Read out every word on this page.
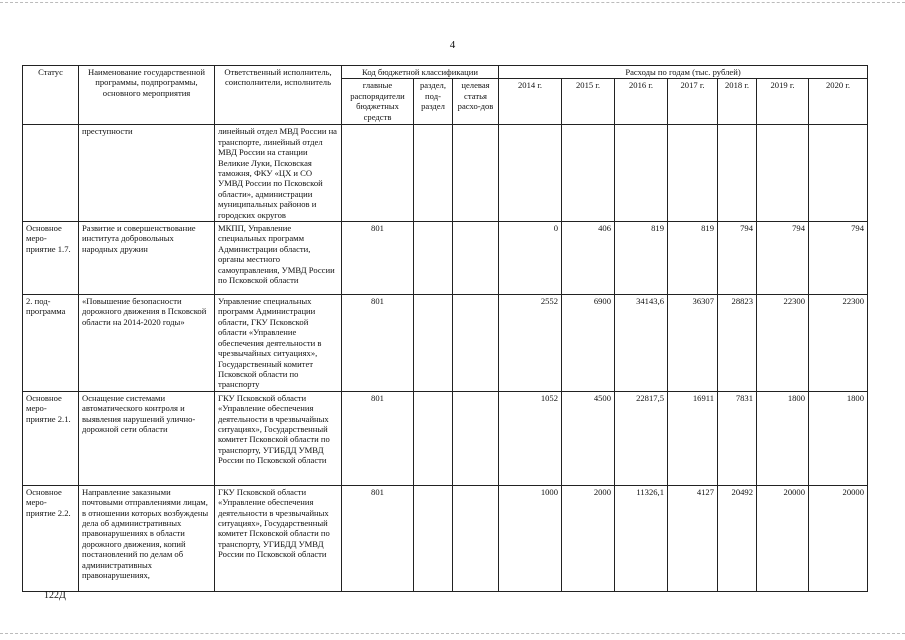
4
Статус	Наименование государственной программы, подпрограммы, основного мероприятия	Ответственный исполнитель, соисполнители, исполнитель	Код бюджетной классификации			Расходы по годам (тыс. рублей)						
			главные распорядители бюджетных средств	раздел, под-раздел	целевая статья расхо-дов	2014 г.	2015 г.	2016 г.	2017 г.	2018 г.	2019 г.	2020 г.
	преступности	линейный отдел МВД России на транспорте, линейный отдел МВД России на станции Великие Луки, Псковская таможня, ФКУ «ЦХ и СО УМВД России по Псковской области», администрации муниципальных районов и городских округов										
Основное меро-приятие 1.7.	Развитие и совершенствование института добровольных народных дружин	МКПП, Управление специальных программ Администрации области, органы местного самоуправления, УМВД России по Псковской области	801			0	406	819	819	794	794	794
2. под-программа	«Повышение безопасности дорожного движения в Псковской области на 2014-2020 годы»	Управление специальных программ Администрации области, ГКУ Псковской области «Управление обеспечения деятельности в чрезвычайных ситуациях», Государственный комитет Псковской области по транспорту	801			2552	6900	34143,6	36307	28823	22300	22300
Основное меро-приятие 2.1.	Оснащение системами автоматического контроля и выявления нарушений улично-дорожной сети области	ГКУ Псковской области «Управление обеспечения деятельности в чрезвычайных ситуациях», Государственный комитет Псковской области по транспорту, УГИБДД УМВД России по Псковской области	801			1052	4500	22817,5	16911	7831	1800	1800
Основное меро-приятие 2.2.	Направление заказными почтовыми отправлениями лицам, в отношении которых возбуждены дела об административных правонарушениях в области дорожного движения, копий постановлений по делам об административных правонарушениях,	ГКУ Псковской области «Управление обеспечения деятельности в чрезвычайных ситуациях», Государственный комитет Псковской области по транспорту, УГИБДД УМВД России по Псковской области	801			1000	2000	11326,1	4127	20492	20000	20000
122Д
